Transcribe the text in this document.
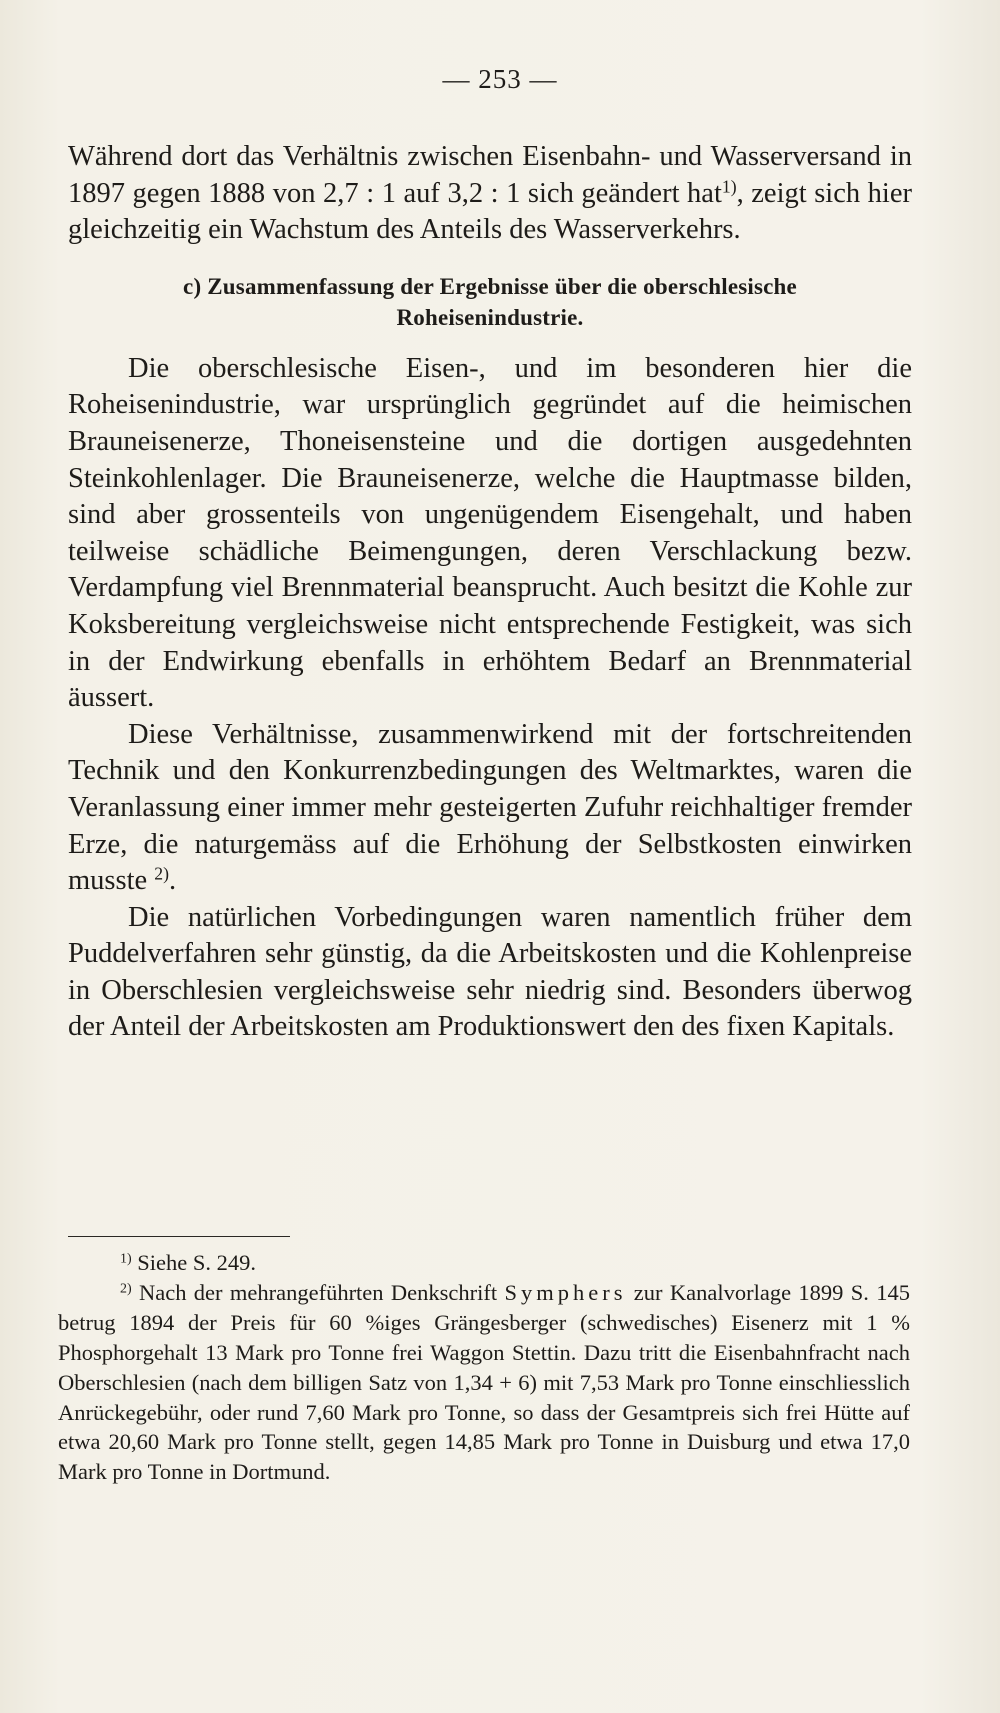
— 253 —

Während dort das Verhältnis zwischen Eisenbahn- und Wasserversand in 1897 gegen 1888 von 2,7 : 1 auf 3,2 : 1 sich geändert hat$^{1)}$, zeigt sich hier gleichzeitig ein Wachstum des Anteils des Wasserverkehrs.

c) Zusammenfassung der Ergebnisse über die oberschlesische
Roheisenindustrie.

Die oberschlesische Eisen-, und im besonderen hier die Roheisenindustrie, war ursprünglich gegründet auf die heimischen Brauneisenerze, Thoneisensteine und die dortigen ausgedehnten Steinkohlenlager. Die Brauneisenerze, welche die Hauptmasse bilden, sind aber grossenteils von ungenügendem Eisengehalt, und haben teilweise schädliche Beimengungen, deren Verschlackung bezw. Verdampfung viel Brennmaterial beansprucht. Auch besitzt die Kohle zur Koksbereitung vergleichsweise nicht entsprechende Festigkeit, was sich in der Endwirkung ebenfalls in erhöhtem Bedarf an Brennmaterial äussert.

Diese Verhältnisse, zusammenwirkend mit der fortschreitenden Technik und den Konkurrenzbedingungen des Weltmarktes, waren die Veranlassung einer immer mehr gesteigerten Zufuhr reichhaltiger fremder Erze, die naturgemäss auf die Erhöhung der Selbstkosten einwirken musste $^{2)}$.

Die natürlichen Vorbedingungen waren namentlich früher dem Puddelverfahren sehr günstig, da die Arbeitskosten und die Kohlenpreise in Oberschlesien vergleichsweise sehr niedrig sind. Besonders überwog der Anteil der Arbeitskosten am Produktionswert den des fixen Kapitals.

$^{1)}$ Siehe S. 249.

$^{2)}$ Nach der mehrangeführten Denkschrift Symphers zur Kanalvorlage 1899 S. 145 betrug 1894 der Preis für 60 %iges Grängesberger (schwedisches) Eisenerz mit 1 % Phosphorgehalt 13 Mark pro Tonne frei Waggon Stettin. Dazu tritt die Eisenbahnfracht nach Oberschlesien (nach dem billigen Satz von 1,34 + 6) mit 7,53 Mark pro Tonne einschliesslich Anrückegebühr, oder rund 7,60 Mark pro Tonne, so dass der Gesamtpreis sich frei Hütte auf etwa 20,60 Mark pro Tonne stellt, gegen 14,85 Mark pro Tonne in Duisburg und etwa 17,0 Mark pro Tonne in Dortmund.
